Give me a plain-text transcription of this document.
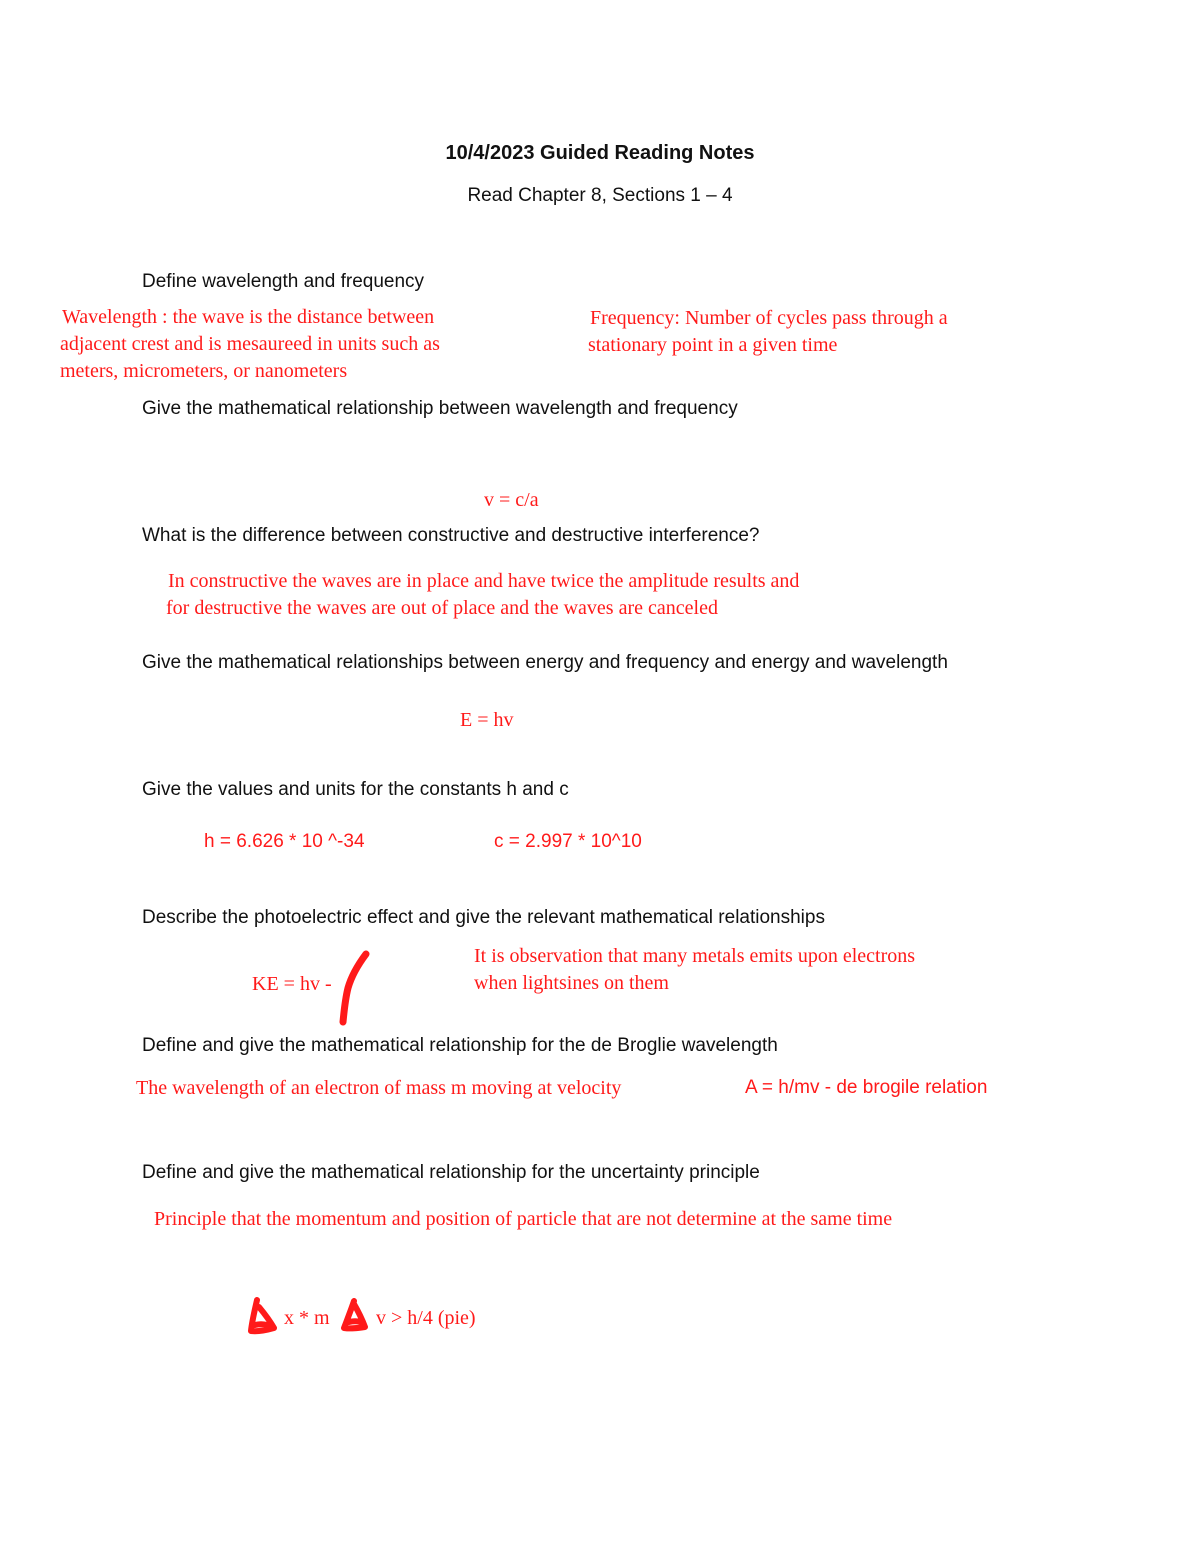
10/4/2023 Guided Reading Notes

Read Chapter 8, Sections 1 – 4

Define wavelength and frequency

Wavelength : the wave is the distance between

adjacent crest and is mesaureed in units such as

meters, micrometers, or nanometers

Frequency: Number of cycles pass through a

stationary point in a given time

Give the mathematical relationship between wavelength and frequency

v = c/a

What is the difference between constructive and destructive interference?

In constructive the waves are in place and have twice the amplitude results and

for destructive the waves are out of place and the waves are canceled

Give the mathematical relationships between energy and frequency and energy and wavelength

E = hv

Give the values and units for the constants h and c

h = 6.626 * 10 ^-34	c = 2.997 * 10^10

Describe the photoelectric effect and give the relevant mathematical relationships

KE = hv -

It is observation that many metals emits upon electrons

when lightsines on them

Define and give the mathematical relationship for the de Broglie wavelength

The wavelength of an electron of mass m moving at velocity	A = h/mv - de brogile relation

Define and give the mathematical relationship for the uncertainty principle

Principle that the momentum and position of particle that are not determine at the same time

x * m v > h/4 (pie)
